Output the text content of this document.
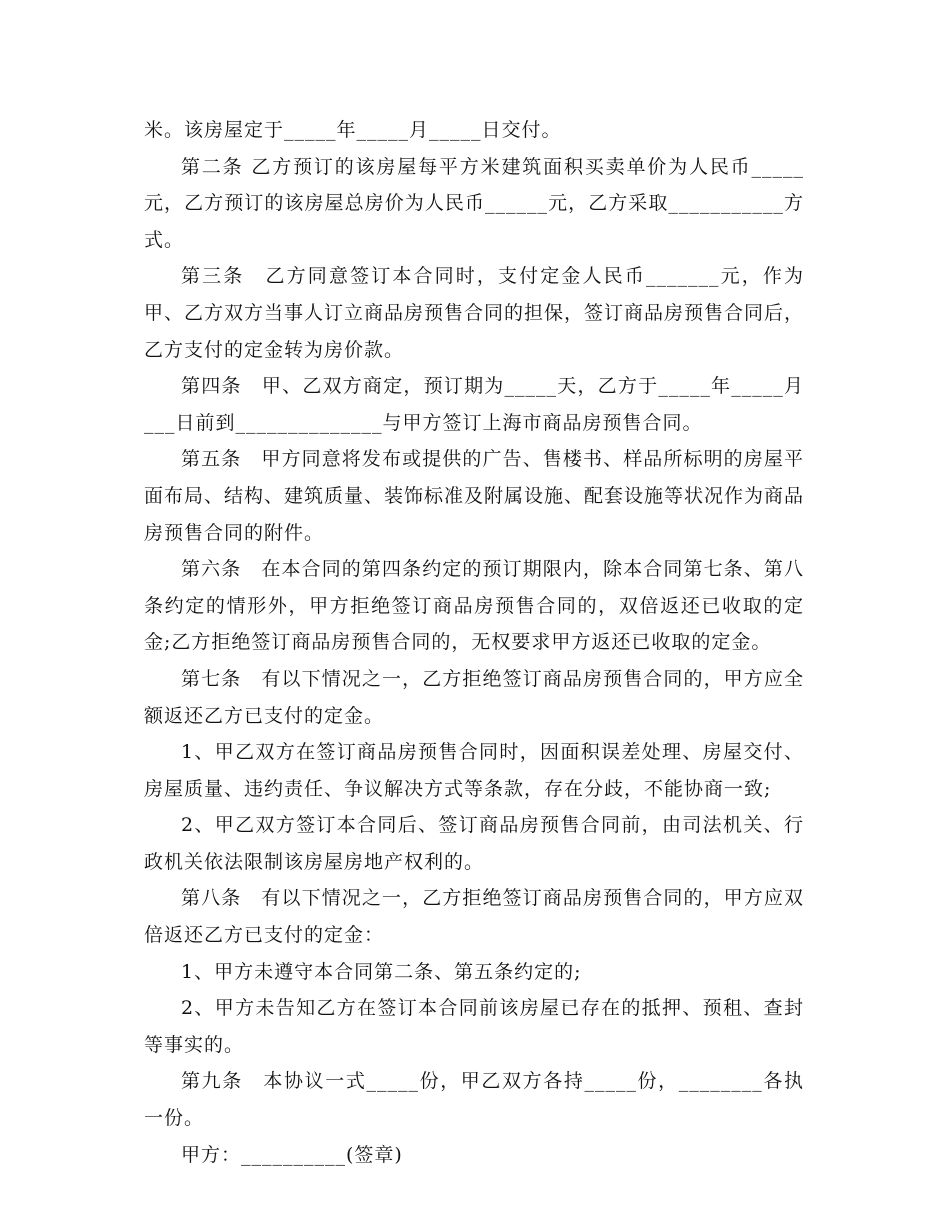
米。该房屋定于_____年_____月_____日交付。

第二条 乙方预订的该房屋每平方米建筑面积买卖单价为人民币_____元，乙方预订的该房屋总房价为人民币______元，乙方采取___________方式。

第三条　乙方同意签订本合同时，支付定金人民币_______元，作为甲、乙方双方当事人订立商品房预售合同的担保，签订商品房预售合同后，乙方支付的定金转为房价款。

第四条　甲、乙双方商定，预订期为_____天，乙方于_____年_____月___日前到______________与甲方签订上海市商品房预售合同。

第五条　甲方同意将发布或提供的广告、售楼书、样品所标明的房屋平面布局、结构、建筑质量、装饰标准及附属设施、配套设施等状况作为商品房预售合同的附件。

第六条　在本合同的第四条约定的预订期限内，除本合同第七条、第八条约定的情形外，甲方拒绝签订商品房预售合同的，双倍返还已收取的定金;乙方拒绝签订商品房预售合同的，无权要求甲方返还已收取的定金。

第七条　有以下情况之一，乙方拒绝签订商品房预售合同的，甲方应全额返还乙方已支付的定金。

1、甲乙双方在签订商品房预售合同时，因面积误差处理、房屋交付、房屋质量、违约责任、争议解决方式等条款，存在分歧，不能协商一致;

2、甲乙双方签订本合同后、签订商品房预售合同前，由司法机关、行政机关依法限制该房屋房地产权利的。

第八条　有以下情况之一，乙方拒绝签订商品房预售合同的，甲方应双倍返还乙方已支付的定金：

1、甲方未遵守本合同第二条、第五条约定的;

2、甲方未告知乙方在签订本合同前该房屋已存在的抵押、预租、查封等事实的。

第九条　本协议一式_____份，甲乙双方各持_____份，________各执一份。

甲方：__________(签章)
